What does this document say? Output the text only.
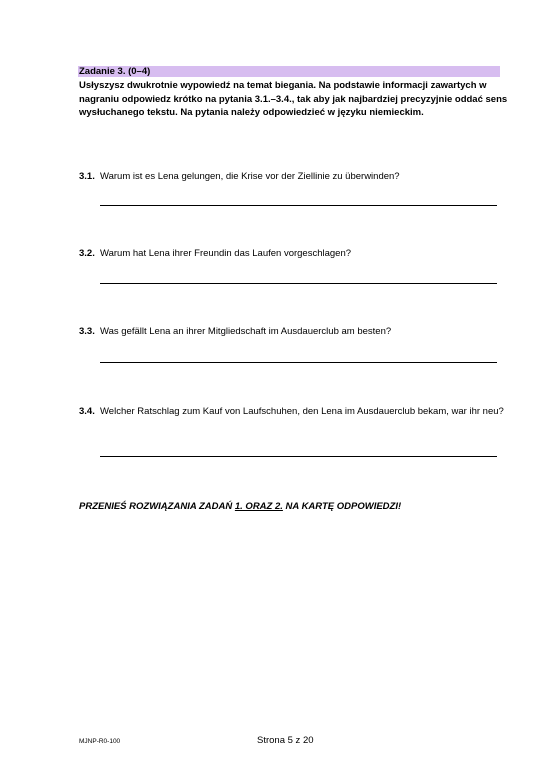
Zadanie 3. (0–4)

Usłyszysz dwukrotnie wypowiedź na temat biegania. Na podstawie informacji zawartych w nagraniu odpowiedz krótko na pytania 3.1.–3.4., tak aby jak najbardziej precyzyjnie oddać sens wysłuchanego tekstu. Na pytania należy odpowiedzieć w języku niemieckim.

3.1. Warum ist es Lena gelungen, die Krise vor der Ziellinie zu überwinden?
3.2. Warum hat Lena ihrer Freundin das Laufen vorgeschlagen?
3.3. Was gefällt Lena an ihrer Mitgliedschaft im Ausdauerclub am besten?
3.4. Welcher Ratschlag zum Kauf von Laufschuhen, den Lena im Ausdauerclub bekam, war ihr neu?
PRZENIEŚ ROZWIĄZANIA ZADAŃ 1. ORAZ 2. NA KARTĘ ODPOWIEDZI!
MJNP-R0-100	Strona 5 z 20
